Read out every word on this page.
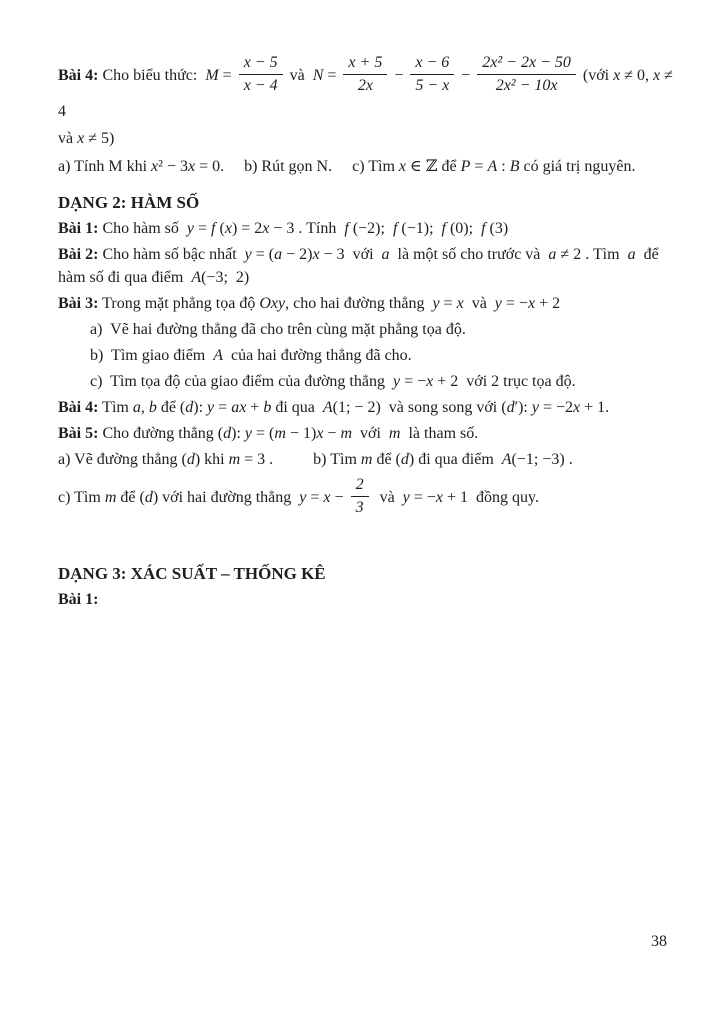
Bài 4: Cho biểu thức:  $M = \frac{x - 5}{x - 4}$ và  $N = \frac{x + 5}{2x} - \frac{x - 6}{5 - x} - \frac{\text{2x² − 2x − 50}}{\text{2x² − 10x}}$ (với x ≠ 0, x ≠ 4
và x ≠ 5)
a) Tính M khi x² − 3x = 0.     b) Rút gọn N.     c) Tìm x ∈ ℤ để P = A : B có giá trị nguyên.
DẠNG 2: HÀM SỐ
Bài 1: Cho hàm số  y = f (x) = 2x − 3 . Tính  f (−2);  f (−1);  f (0);  f (3)
Bài 2: Cho hàm số bậc nhất  y = (a − 2)x − 3  với  a  là một số cho trước và  a ≠ 2 . Tìm  a  để hàm số đi qua điểm  A(−3;  2)
Bài 3: Trong mặt phẳng tọa độ Oxy, cho hai đường thẳng  y = x  và  y = −x + 2
a)  Vẽ hai đường thẳng đã cho trên cùng mặt phẳng tọa độ.
b)  Tìm giao điểm  A  của hai đường thẳng đã cho.
c)  Tìm tọa độ của giao điểm của đường thẳng  y = −x + 2  với 2 trục tọa độ.
Bài 4: Tìm a, b để (d): y = ax + b đi qua  A(1; − 2)  và song song với (d′): y = −2x + 1.
Bài 5: Cho đường thẳng (d): y = (m − 1)x − m  với  m  là tham số.
a) Vẽ đường thẳng (d) khi m = 3 .          b) Tìm m để (d) đi qua điểm  A(−1; −3) .
c) Tìm m để (d) với hai đường thẳng  $y = x - \frac{2}{3}$ và  y = −x + 1  đồng quy.
DẠNG 3: XÁC SUẤT – THỐNG KÊ
Bài 1:
38
